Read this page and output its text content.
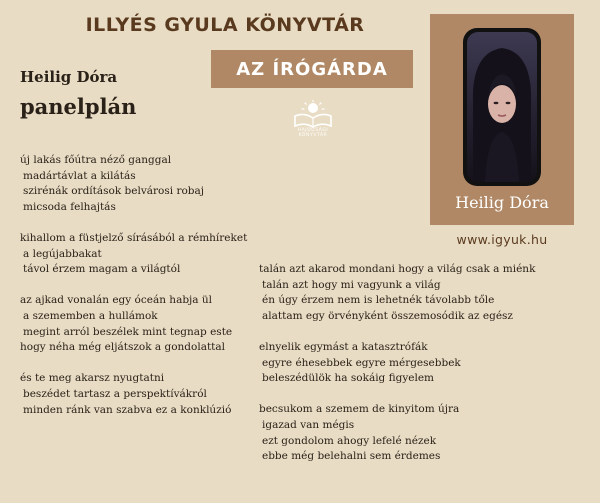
ILLYÉS GYULA KÖNYVTÁR
AZ ÍRÓGÁRDA
Heilig Dóra
panelplán
HAJDÚSÁGI
KÖNYVTÁR
új lakás főútra néző ganggal
madártávlat a kilátás
szirénák ordítások belvárosi robaj
micsoda felhajtás
kihallom a füstjelző sírásából a rémhíreket
a legújabbakat
távol érzem magam a világtól
az ajkad vonalán egy óceán habja ül
a szememben a hullámok
megint arról beszélek mint tegnap este
hogy néha még eljátszok a gondolattal
és te meg akarsz nyugtatni
beszédet tartasz a perspektívákról
minden ránk van szabva ez a konklúzió
talán azt akarod mondani hogy a világ csak a miénk
talán azt hogy mi vagyunk a világ
én úgy érzem nem is lehetnék távolabb tőle
alattam egy örvényként összemosódik az egész
elnyelik egymást a katasztrófák
egyre éhesebbek egyre mérgesebbek
beleszédülök ha sokáig figyelem
becsukom a szemem de kinyitom újra
igazad van mégis
ezt gondolom ahogy lefelé nézek
ebbe még belehalni sem érdemes
Heilig Dóra
www.igyuk.hu
